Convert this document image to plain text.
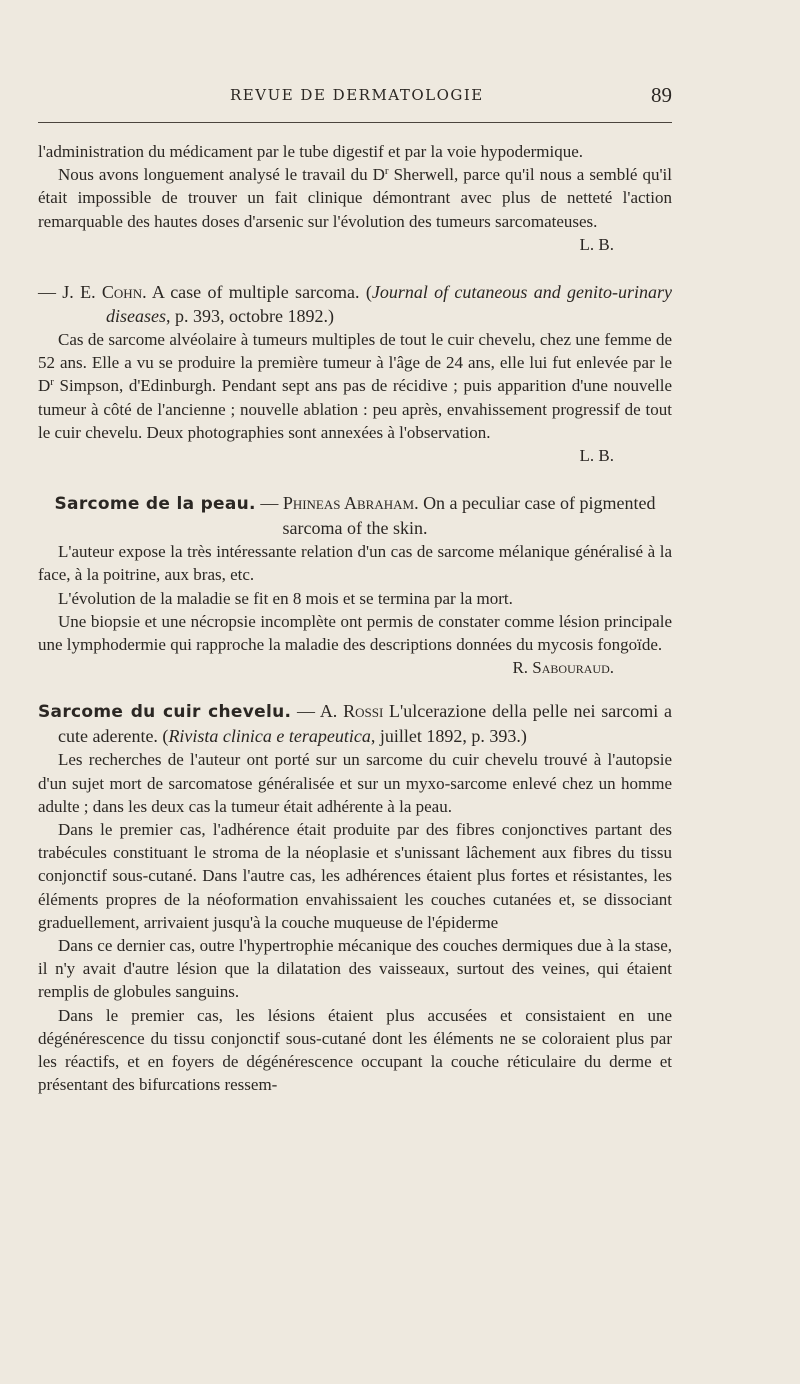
REVUE DE DERMATOLOGIE	89

l'administration du médicament par le tube digestif et par la voie hypodermique.

Nous avons longuement analysé le travail du $D^r$ Sherwell, parce qu'il nous a semblé qu'il était impossible de trouver un fait clinique démontrant avec plus de netteté l'action remarquable des hautes doses d'arsenic sur l'évolution des tumeurs sarcomateuses.

L. B.

— J. E. Cohn. A case of multiple sarcoma. (Journal of cutaneous and genito-urinary diseases, p. 393, octobre 1892.)

Cas de sarcome alvéolaire à tumeurs multiples de tout le cuir chevelu, chez une femme de 52 ans. Elle a vu se produire la première tumeur à l'âge de 24 ans, elle lui fut enlevée par le $D^r$ Simpson, d'Edinburgh. Pendant sept ans pas de récidive ; puis apparition d'une nouvelle tumeur à côté de l'ancienne ; nouvelle ablation : peu après, envahissement progressif de tout le cuir chevelu. Deux photographies sont annexées à l'observation.

L. B.

Sarcome de la peau. — Phineas Abraham. On a peculiar case of pigmented sarcoma of the skin.

L'auteur expose la très intéressante relation d'un cas de sarcome mélanique généralisé à la face, à la poitrine, aux bras, etc.

L'évolution de la maladie se fit en 8 mois et se termina par la mort.

Une biopsie et une nécropsie incomplète ont permis de constater comme lésion principale une lymphodermie qui rapproche la maladie des descriptions données du mycosis fongoïde.

R. Sabouraud.

Sarcome du cuir chevelu. — A. Rossi L'ulcerazione della pelle nei sarcomi a cute aderente. (Rivista clinica e terapeutica, juillet 1892, p. 393.)

Les recherches de l'auteur ont porté sur un sarcome du cuir chevelu trouvé à l'autopsie d'un sujet mort de sarcomatose généralisée et sur un myxo-sarcome enlevé chez un homme adulte ; dans les deux cas la tumeur était adhérente à la peau.

Dans le premier cas, l'adhérence était produite par des fibres conjonctives partant des trabécules constituant le stroma de la néoplasie et s'unissant lâchement aux fibres du tissu conjonctif sous-cutané. Dans l'autre cas, les adhérences étaient plus fortes et résistantes, les éléments propres de la néoformation envahissaient les couches cutanées et, se dissociant graduellement, arrivaient jusqu'à la couche muqueuse de l'épiderme

Dans ce dernier cas, outre l'hypertrophie mécanique des couches dermiques due à la stase, il n'y avait d'autre lésion que la dilatation des vaisseaux, surtout des veines, qui étaient remplis de globules sanguins.

Dans le premier cas, les lésions étaient plus accusées et consistaient en une dégénérescence du tissu conjonctif sous-cutané dont les éléments ne se coloraient plus par les réactifs, et en foyers de dégénérescence occupant la couche réticulaire du derme et présentant des bifurcations ressem-
